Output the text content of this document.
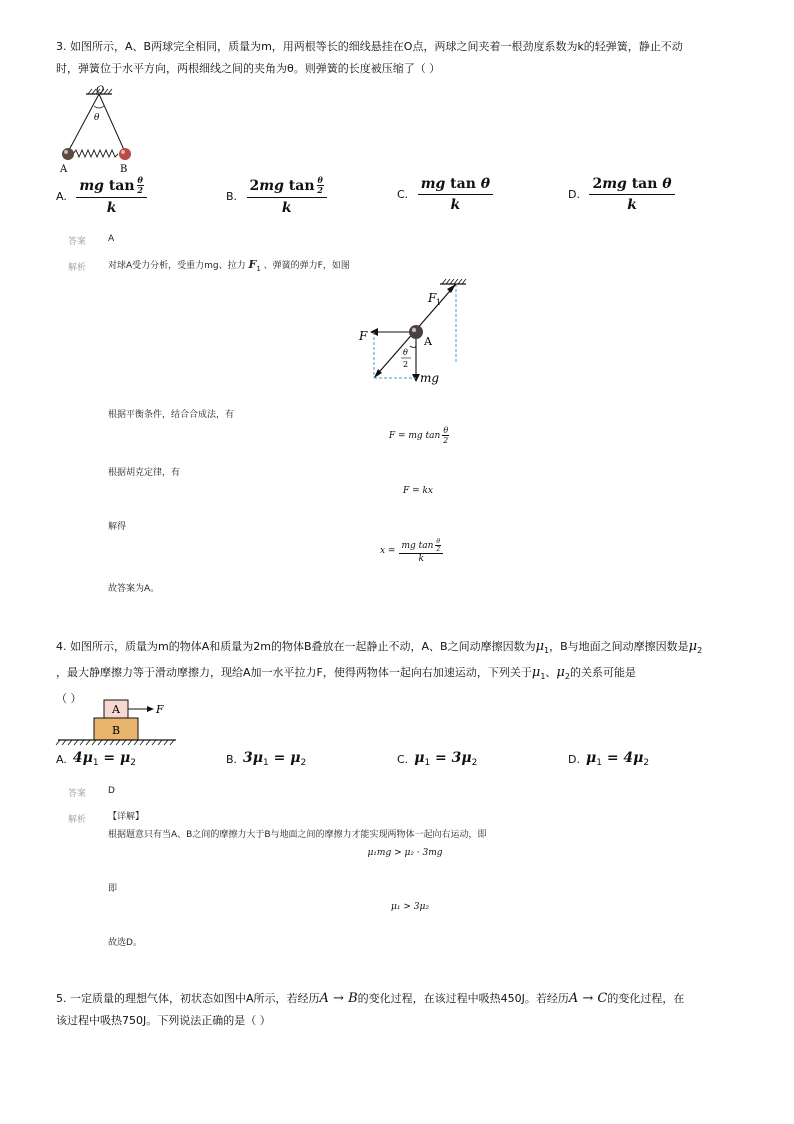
3. 如图所示，A、B两球完全相同，质量为m，用两根等长的细线悬挂在O点，两球之间夹着一根劲度系数为k的轻弹簧，静止不动
时，弹簧位于水平方向，两根细线之间的夹角为θ。则弹簧的长度被压缩了（ ）
O
θ
A	B
A. mg
tan θ
2
k	B. 2 mg
tan θ
2
k	C. mg
tan
θ
k	D. 2 mg
tan
θ
k
答案 A
解析 对球A受力分析，受重力mg、拉力 $F_1$ 、弹簧的弹力F，如图
F 1
F	A
θ
2
mg
根据平衡条件，结合合成法，有
F = mg tan θ
2
根据胡克定律，有
F = kx
解得
x = mg tan θ
2
k
故答案为A。
4. 如图所示，质量为m的物体A和质量为2m的物体B叠放在一起静止不动，A、B之间动摩擦因数为$\mu_1$，B与地面之间动摩擦因数是$\mu_2$
，最大静摩擦力等于滑动摩擦力，现给A加一水平拉力F，使得两物体一起向右加速运动，下列关于$\mu_1$、$\mu_2$的关系可能是
（ ）
A
B
F
A. $4\mu_1 = \mu_2$	B. $3\mu_1 = \mu_2$	C. $\mu_1 = 3\mu_2$	D. $\mu_1 = 4\mu_2$
答案 D
解析 【详解】
根据题意只有当A、B之间的摩擦力大于B与地面之间的摩擦力才能实现两物体一起向右运动，即
μ₁mg > μ₂ · 3mg
即
μ₁ > 3μ₂
故选D。
5. 一定质量的理想气体，初状态如图中A所示，若经历A → B的变化过程，在该过程中吸热450J。若经历A → C的变化过程，在
该过程中吸热750J。下列说法正确的是（ ）
